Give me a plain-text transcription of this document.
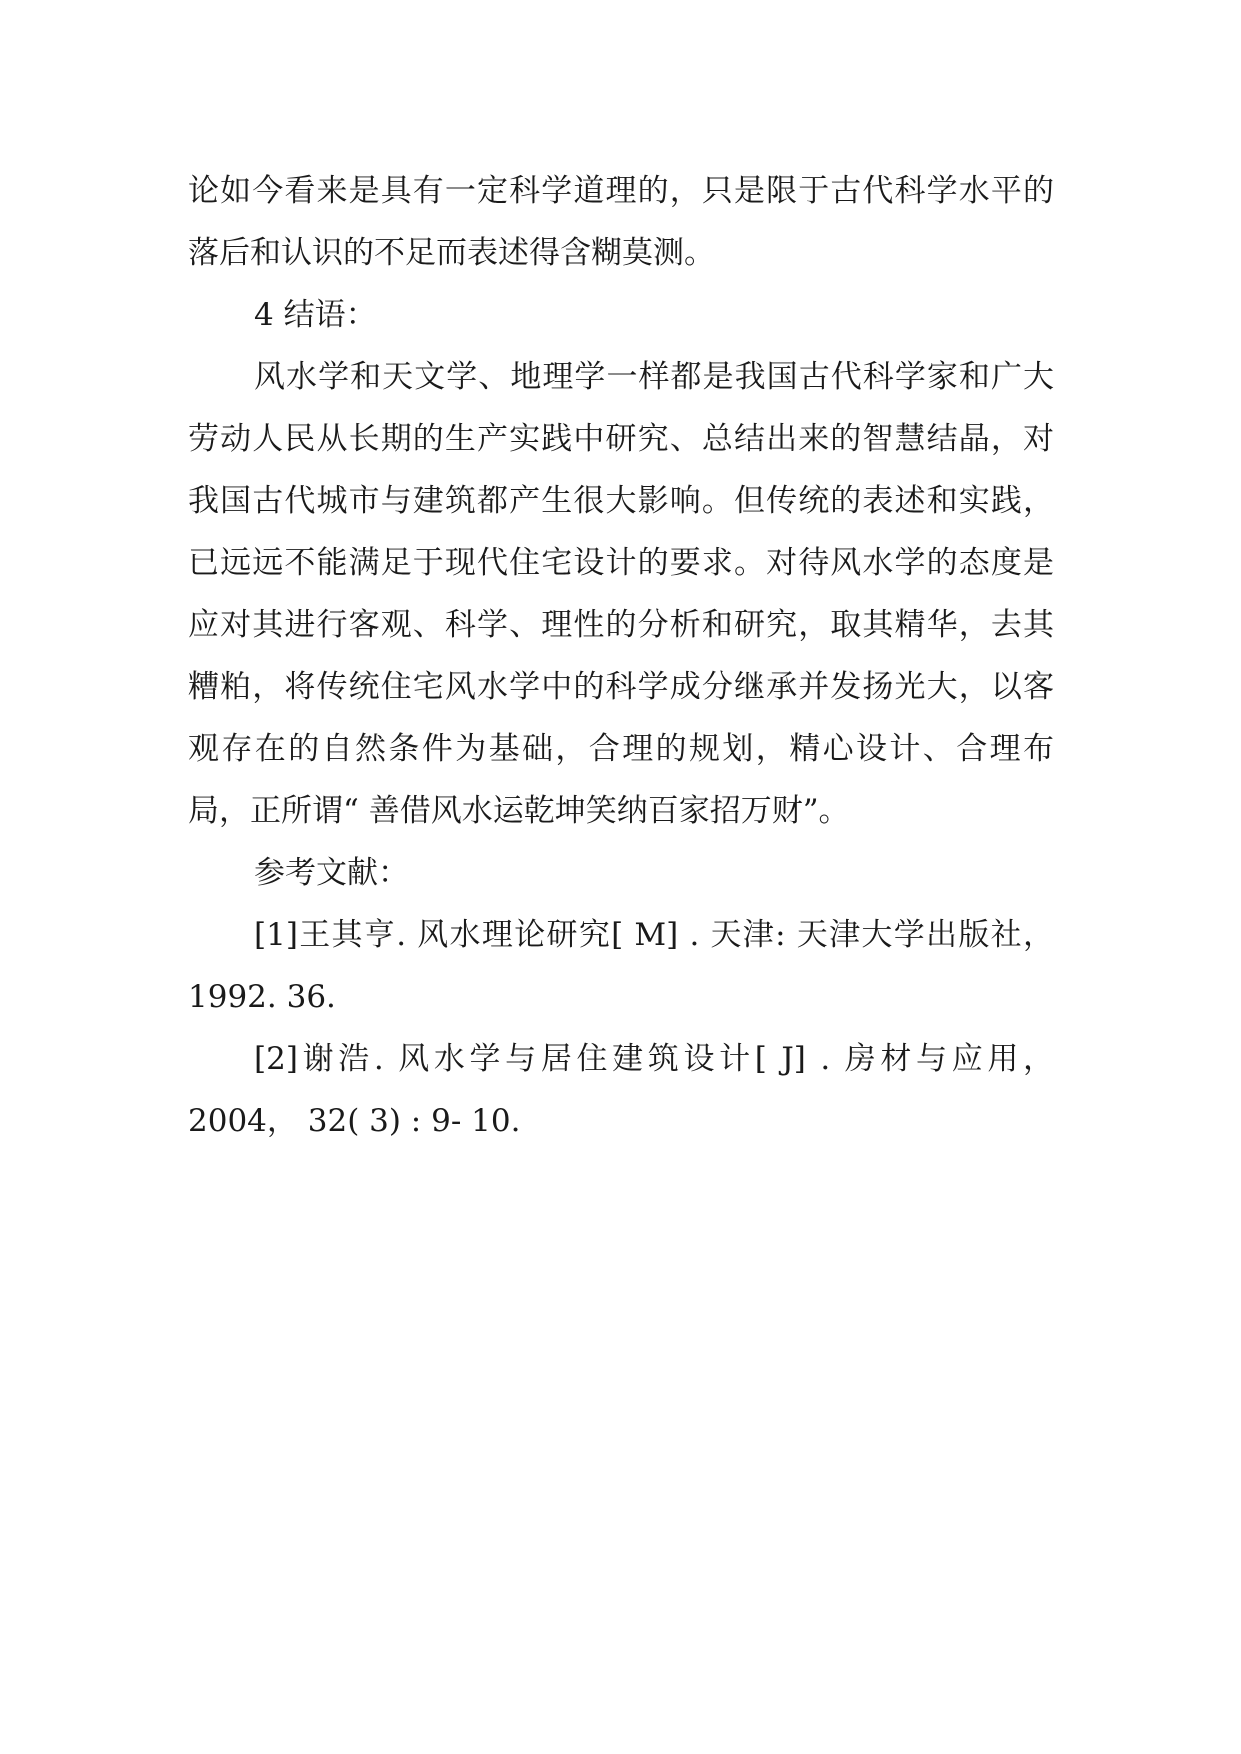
论如今看来是具有一定科学道理的，只是限于古代科学水平的落后和认识的不足而表述得含糊莫测。

4 结语：

风水学和天文学、地理学一样都是我国古代科学家和广大劳动人民从长期的生产实践中研究、总结出来的智慧结晶，对我国古代城市与建筑都产生很大影响。但传统的表述和实践，已远远不能满足于现代住宅设计的要求。对待风水学的态度是应对其进行客观、科学、理性的分析和研究，取其精华，去其糟粕，将传统住宅风水学中的科学成分继承并发扬光大，以客观存在的自然条件为基础，合理的规划，精心设计、合理布局，正所谓“ 善借风水运乾坤笑纳百家招万财”。

参考文献：

[1]王其亨. 风水理论研究[ M] . 天津: 天津大学出版社，1992. 36.

[2]谢浩. 风水学与居住建筑设计[ J] . 房材与应用，2004， 32( 3) : 9- 10.
